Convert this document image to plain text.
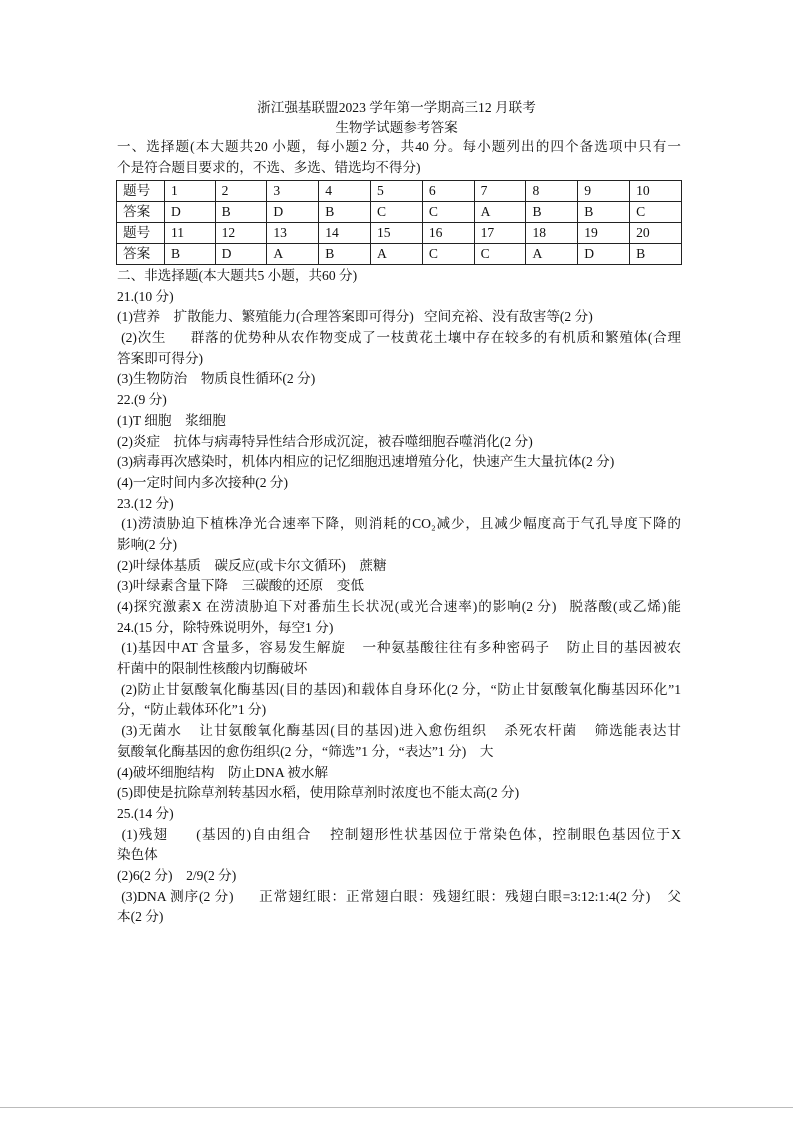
浙江强基联盟2023 学年第一学期高三12 月联考
生物学试题参考答案
一、选择题(本大题共20 小题，每小题2 分，共40 分。每小题列出的四个备选项中只有一
个是符合题目要求的，不选、多选、错选均不得分)
题号	1	2	3	4	5	6	7	8	9	10
答案	D	B	D	B	C	C	A	B	B	C
题号	11	12	13	14	15	16	17	18	19	20
答案	B	D	A	B	A	C	C	A	D	B
二、非选择题(本大题共5 小题，共60 分)
21.(10 分)
(1)营养    扩散能力、繁殖能力(合理答案即可得分)   空间充裕、没有敌害等(2 分)
(2)次生      群落的优势种从农作物变成了一枝黄花土壤中存在较多的有机质和繁殖体(合理
答案即可得分)
(3)生物防治    物质良性循环(2 分)
22.(9 分)
(1)T 细胞    浆细胞
(2)炎症    抗体与病毒特异性结合形成沉淀，被吞噬细胞吞噬消化(2 分)
(3)病毒再次感染时，机体内相应的记忆细胞迅速增殖分化，快速产生大量抗体(2 分)
(4)一定时间内多次接种(2 分)
23.(12 分)
(1)涝渍胁迫下植株净光合速率下降，则消耗的CO₂减少，且减少幅度高于气孔导度下降的
影响(2 分)
(2)叶绿体基质    碳反应(或卡尔文循环)    蔗糖
(3)叶绿素含量下降    三碳酸的还原    变低
(4)探究激素X 在涝渍胁迫下对番茄生长状况(或光合速率)的影响(2 分)   脱落酸(或乙烯)能
24.(15 分，除特殊说明外，每空1 分)
(1)基因中AT 含量多，容易发生解旋    一种氨基酸往往有多种密码子    防止目的基因被农
杆菌中的限制性核酸内切酶破坏
(2)防止甘氨酸氧化酶基因(目的基因)和载体自身环化(2 分，“防止甘氨酸氧化酶基因环化”1
分，“防止载体环化”1 分)
(3)无菌水    让甘氨酸氧化酶基因(目的基因)进入愈伤组织    杀死农杆菌    筛选能表达甘
氨酸氧化酶基因的愈伤组织(2 分，“筛选”1 分，“表达”1 分)    大
(4)破坏细胞结构    防止DNA 被水解
(5)即使是抗除草剂转基因水稻，使用除草剂时浓度也不能太高(2 分)
25.(14 分)
(1)残翅      (基因的)自由组合    控制翅形性状基因位于常染色体，控制眼色基因位于X
染色体
(2)6(2 分)    2/9(2 分)
(3)DNA 测序(2 分)      正常翅红眼：正常翅白眼：残翅红眼：残翅白眼=3:12:1:4(2 分)    父
本(2 分)
